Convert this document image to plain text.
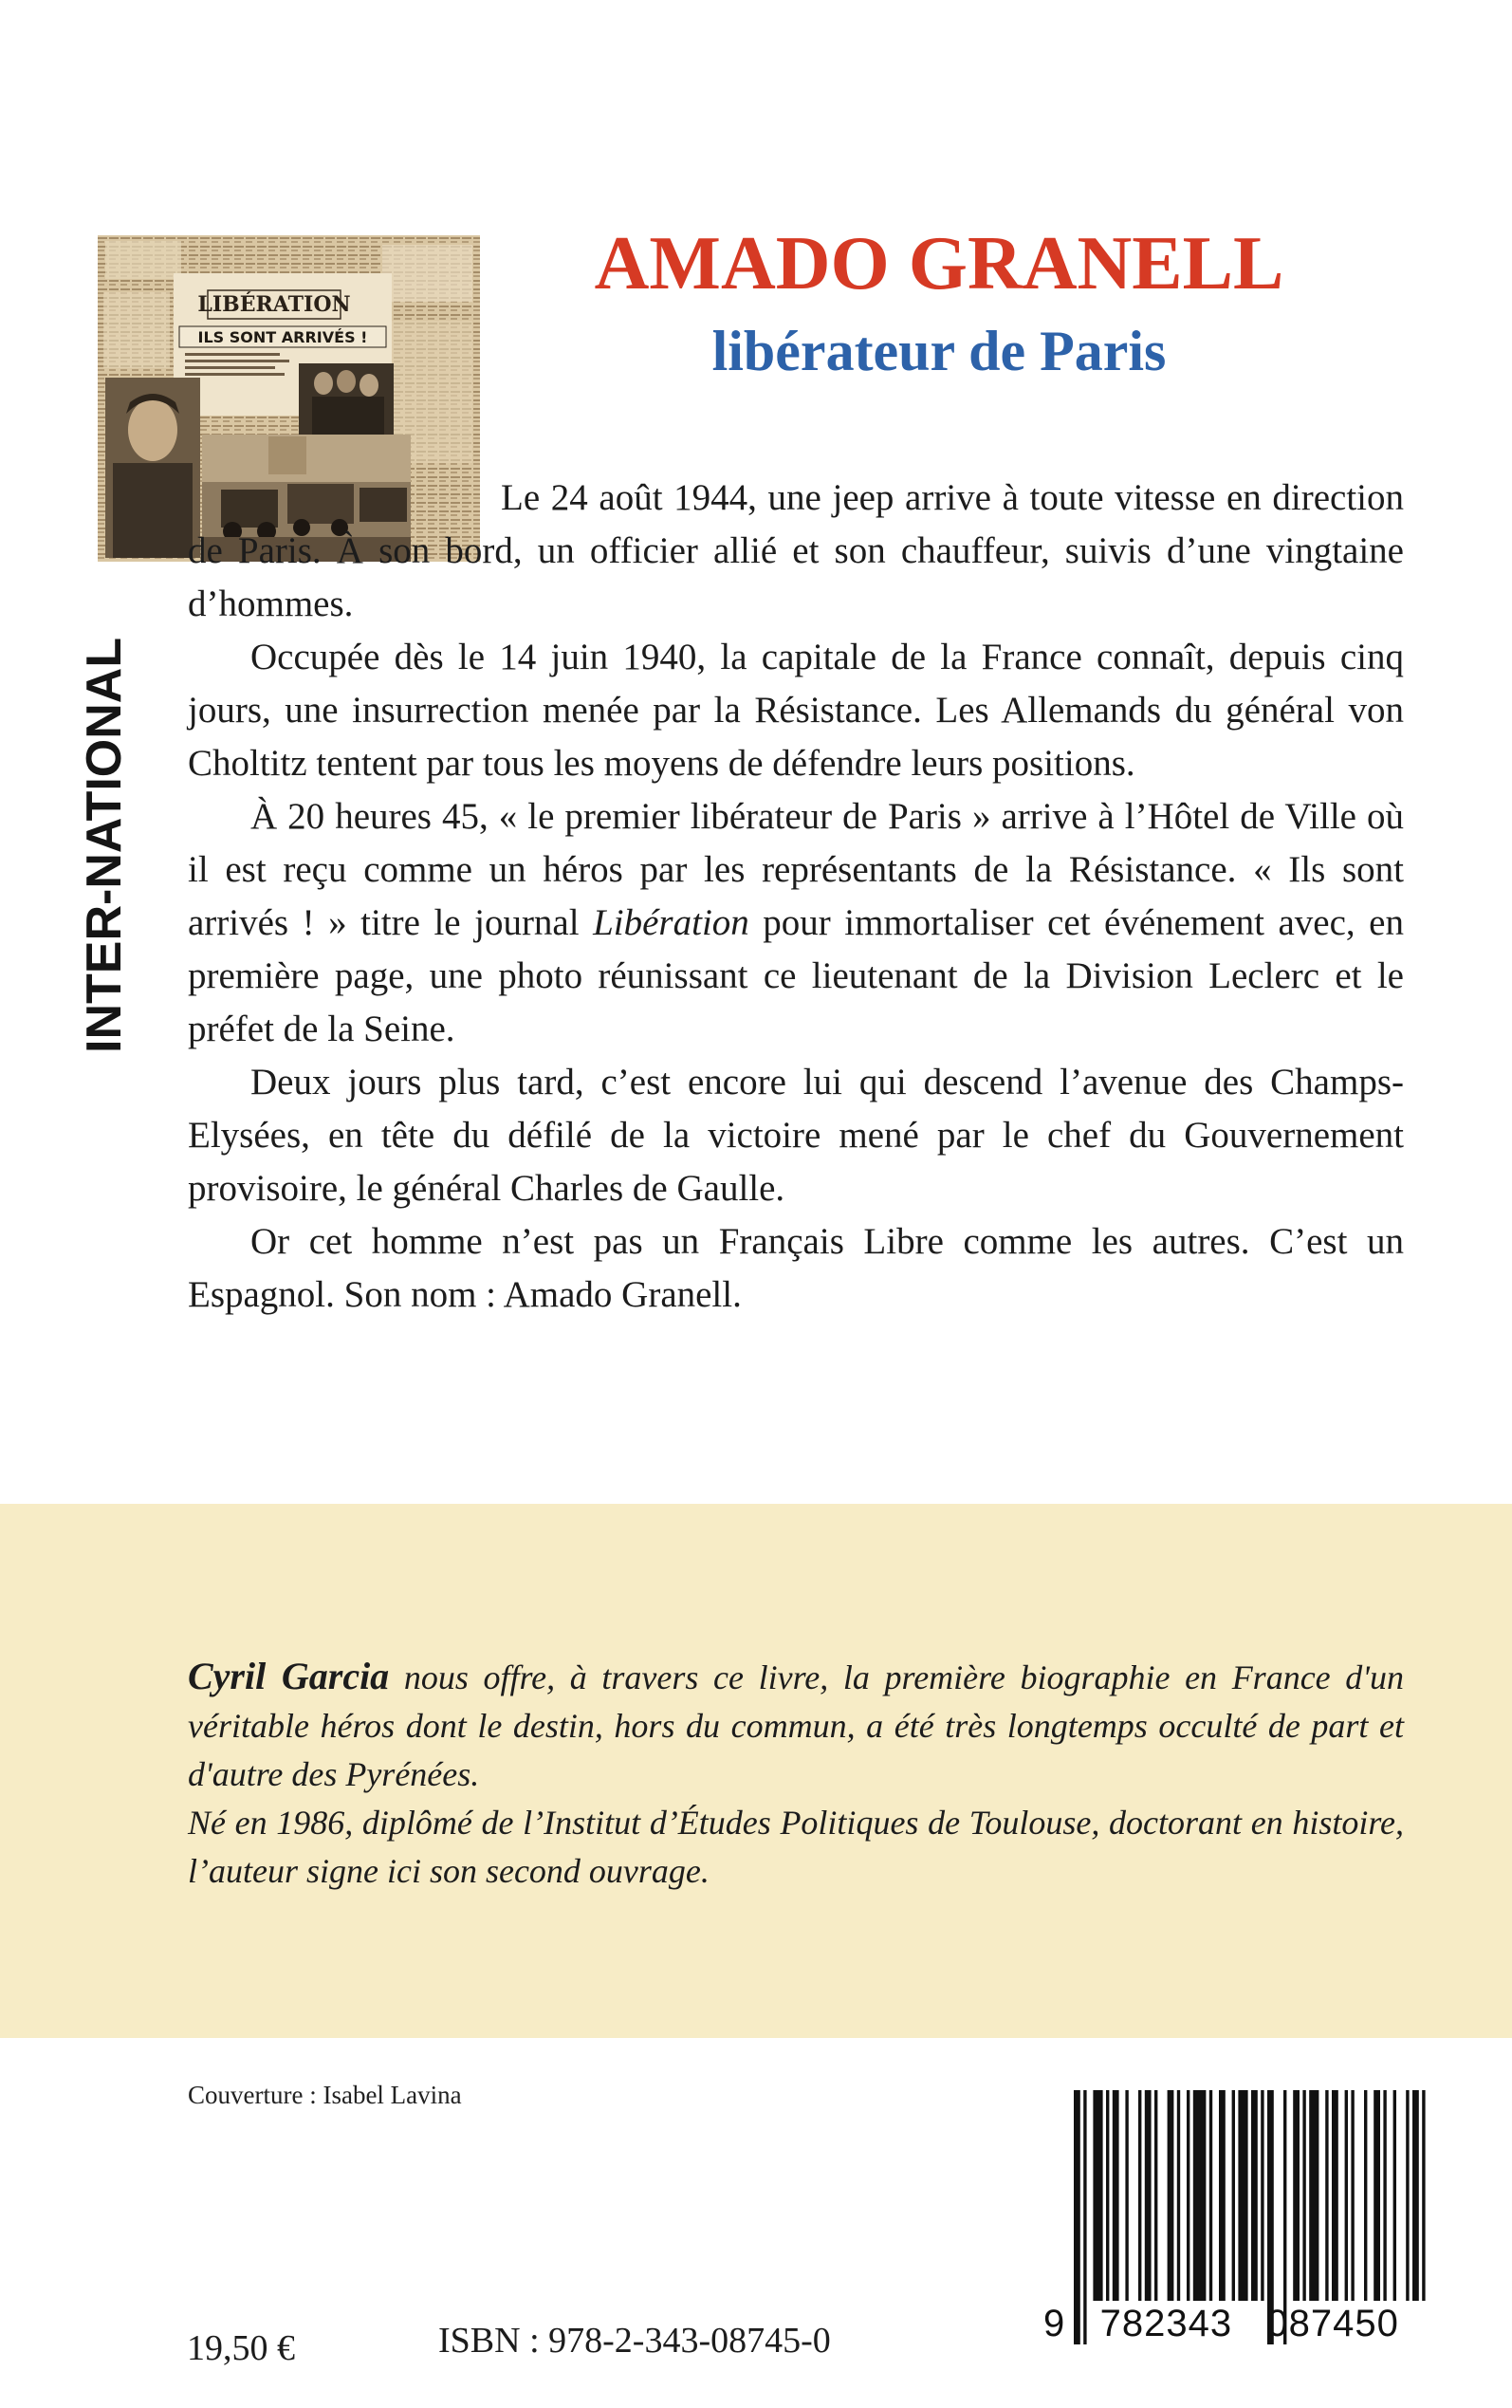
LIBÉRATION
ILS SONT ARRIVÉS !
INTER-NATIONAL
AMADO GRANELL
libérateur de Paris

Le 24 août 1944, une jeep arrive à toute vitesse en direction de Paris. À son bord, un officier allié et son chauffeur, suivis d’une vingtaine d’hommes.

Occupée dès le 14 juin 1940, la capitale de la France connaît, depuis cinq jours, une insurrection menée par la Résistance. Les Allemands du général von Choltitz tentent par tous les moyens de défendre leurs positions.

À 20 heures 45, « le premier libérateur de Paris » arrive à l’Hôtel de Ville où il est reçu comme un héros par les représentants de la Résistance. « Ils sont arrivés ! » titre le journal Libération pour immortaliser cet événement avec, en première page, une photo réunissant ce lieutenant de la Division Leclerc et le préfet de la Seine.

Deux jours plus tard, c’est encore lui qui descend l’avenue des Champs-Elysées, en tête du défilé de la victoire mené par le chef du Gouvernement provisoire, le général Charles de Gaulle.

Or cet homme n’est pas un Français Libre comme les autres. C’est un Espagnol. Son nom : Amado Granell.

Cyril Garcia nous offre, à travers ce livre, la première biographie en France d'un véritable héros dont le destin, hors du commun, a été très longtemps occulté de part et d'autre des Pyrénées.

Né en 1986, diplômé de l’Institut d’Études Politiques de Toulouse, doctorant en histoire, l’auteur signe ici son second ouvrage.

Couverture : Isabel Lavina
19,50 €	ISBN : 978-2-343-08745-0	9   782343   087450
